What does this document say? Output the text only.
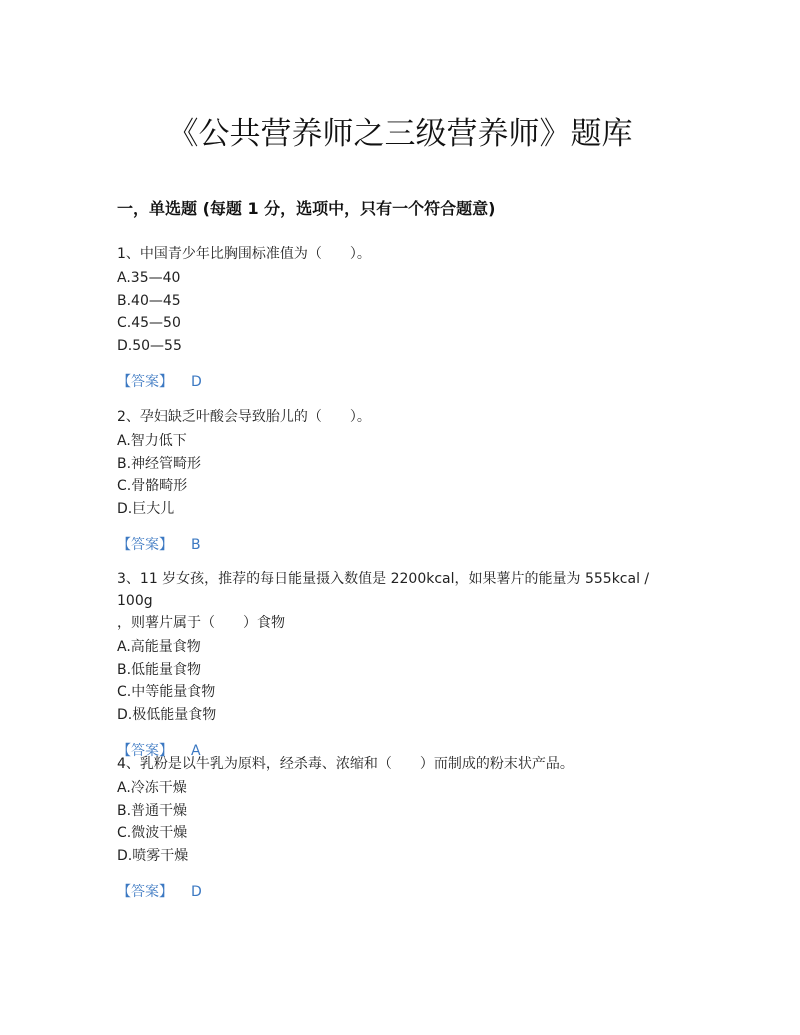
《公共营养师之三级营养师》题库
一，单选题 (每题 1 分，选项中，只有一个符合题意)
1、中国青少年比胸围标准值为（　　）。
A.35—40
B.40—45
C.45—50
D.50—55
【答案】 D
2、孕妇缺乏叶酸会导致胎儿的（　　）。
A.智力低下
B.神经管畸形
C.骨骼畸形
D.巨大儿
【答案】 B
3、11 岁女孩，推荐的每日能量摄入数值是 2200kcal，如果薯片的能量为 555kcal / 100g
，则薯片属于（　　）食物
A.高能量食物
B.低能量食物
C.中等能量食物
D.极低能量食物
【答案】 A
4、乳粉是以牛乳为原料，经杀毒、浓缩和（　　）而制成的粉末状产品。
A.冷冻干燥
B.普通干燥
C.微波干燥
D.喷雾干燥
【答案】 D
